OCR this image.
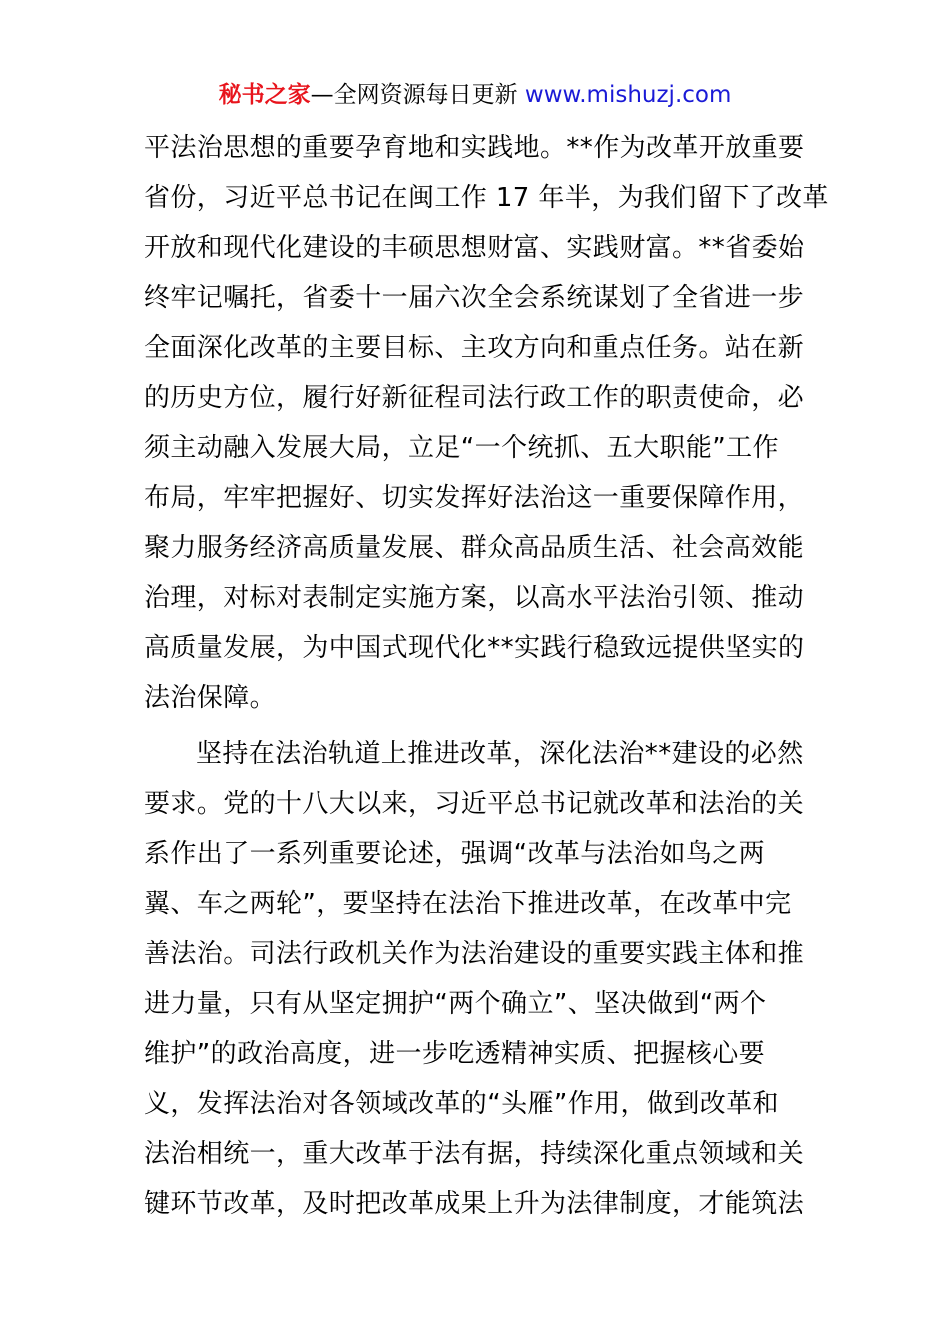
秘书之家—全网资源每日更新 www.mishuzj.com
平法治思想的重要孕育地和实践地。**作为改革开放重要
省份，习近平总书记在闽工作 17 年半，为我们留下了改革
开放和现代化建设的丰硕思想财富、实践财富。**省委始
终牢记嘱托，省委十一届六次全会系统谋划了全省进一步
全面深化改革的主要目标、主攻方向和重点任务。站在新
的历史方位，履行好新征程司法行政工作的职责使命，必
须主动融入发展大局，立足“一个统抓、五大职能”工作
布局，牢牢把握好、切实发挥好法治这一重要保障作用，
聚力服务经济高质量发展、群众高品质生活、社会高效能
治理，对标对表制定实施方案，以高水平法治引领、推动
高质量发展，为中国式现代化**实践行稳致远提供坚实的
法治保障。
坚持在法治轨道上推进改革，深化法治**建设的必然
要求。党的十八大以来，习近平总书记就改革和法治的关
系作出了一系列重要论述，强调“改革与法治如鸟之两
翼、车之两轮”，要坚持在法治下推进改革，在改革中完
善法治。司法行政机关作为法治建设的重要实践主体和推
进力量，只有从坚定拥护“两个确立”、坚决做到“两个
维护”的政治高度，进一步吃透精神实质、把握核心要
义，发挥法治对各领域改革的“头雁”作用，做到改革和
法治相统一，重大改革于法有据，持续深化重点领域和关
键环节改革，及时把改革成果上升为法律制度，才能筑法
